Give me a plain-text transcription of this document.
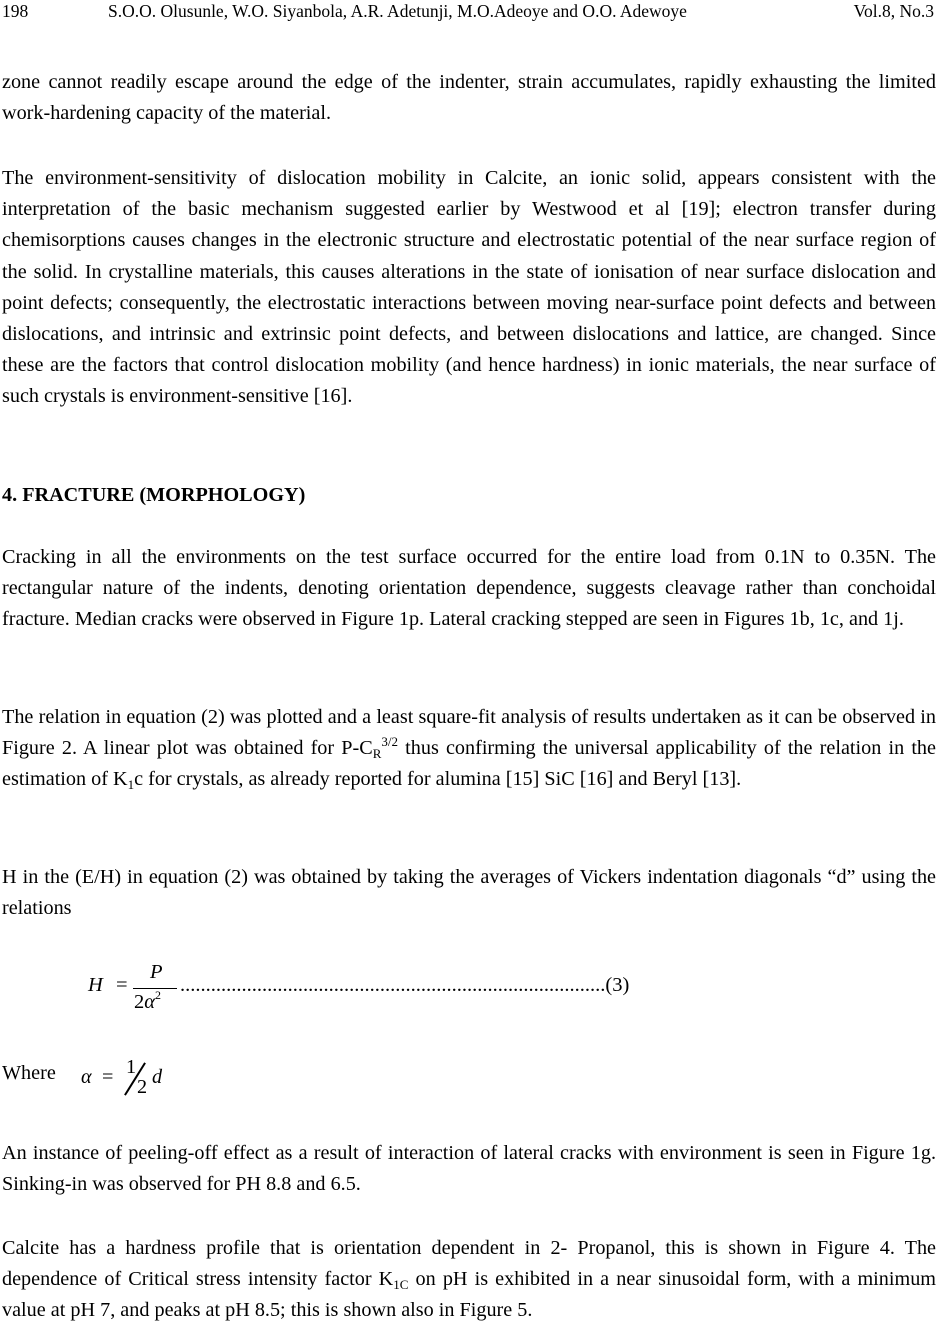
198	S.O.O. Olusunle, W.O. Siyanbola, A.R. Adetunji, M.O.Adeoye and O.O. Adewoye	Vol.8, No.3

zone cannot readily escape around the edge of the indenter, strain accumulates, rapidly exhausting the limited work-hardening capacity of the material.

The environment-sensitivity of dislocation mobility in Calcite, an ionic solid, appears consistent with the interpretation of the basic mechanism suggested earlier by Westwood et al [19]; electron transfer during chemisorptions causes changes in the electronic structure and electrostatic potential of the near surface region of the solid. In crystalline materials, this causes alterations in the state of ionisation of near surface dislocation and point defects; consequently, the electrostatic interactions between moving near-surface point defects and between dislocations, and intrinsic and extrinsic point defects, and between dislocations and lattice, are changed. Since these are the factors that control dislocation mobility (and hence hardness) in ionic materials, the near surface of such crystals is environment-sensitive [16].

4. FRACTURE (MORPHOLOGY)

Cracking in all the environments on the test surface occurred for the entire load from 0.1N to 0.35N. The rectangular nature of the indents, denoting orientation dependence, suggests cleavage rather than conchoidal fracture. Median cracks were observed in Figure 1p. Lateral cracking stepped are seen in Figures 1b, 1c, and 1j.

The relation in equation (2) was plotted and a least square-fit analysis of results undertaken as it can be observed in Figure 2. A linear plot was obtained for $P-C_R^{3/2}$ thus confirming the universal applicability of the relation in the estimation of $K_1c$ for crystals, as already reported for alumina [15] SiC [16] and Beryl [13].

H in the (E/H) in equation (2) was obtained by taking the averages of Vickers indentation diagonals “d” using the relations

H =
P
$2\alpha^2$ ...................................................................................(3)
Where α = 1
2 d

An instance of peeling-off effect as a result of interaction of lateral cracks with environment is seen in Figure 1g. Sinking-in was observed for PH 8.8 and 6.5.

Calcite has a hardness profile that is orientation dependent in 2- Propanol, this is shown in Figure 4. The dependence of Critical stress intensity factor $K_{1C}$ on pH is exhibited in a near sinusoidal form, with a minimum value at pH 7, and peaks at pH 8.5; this is shown also in Figure 5.
